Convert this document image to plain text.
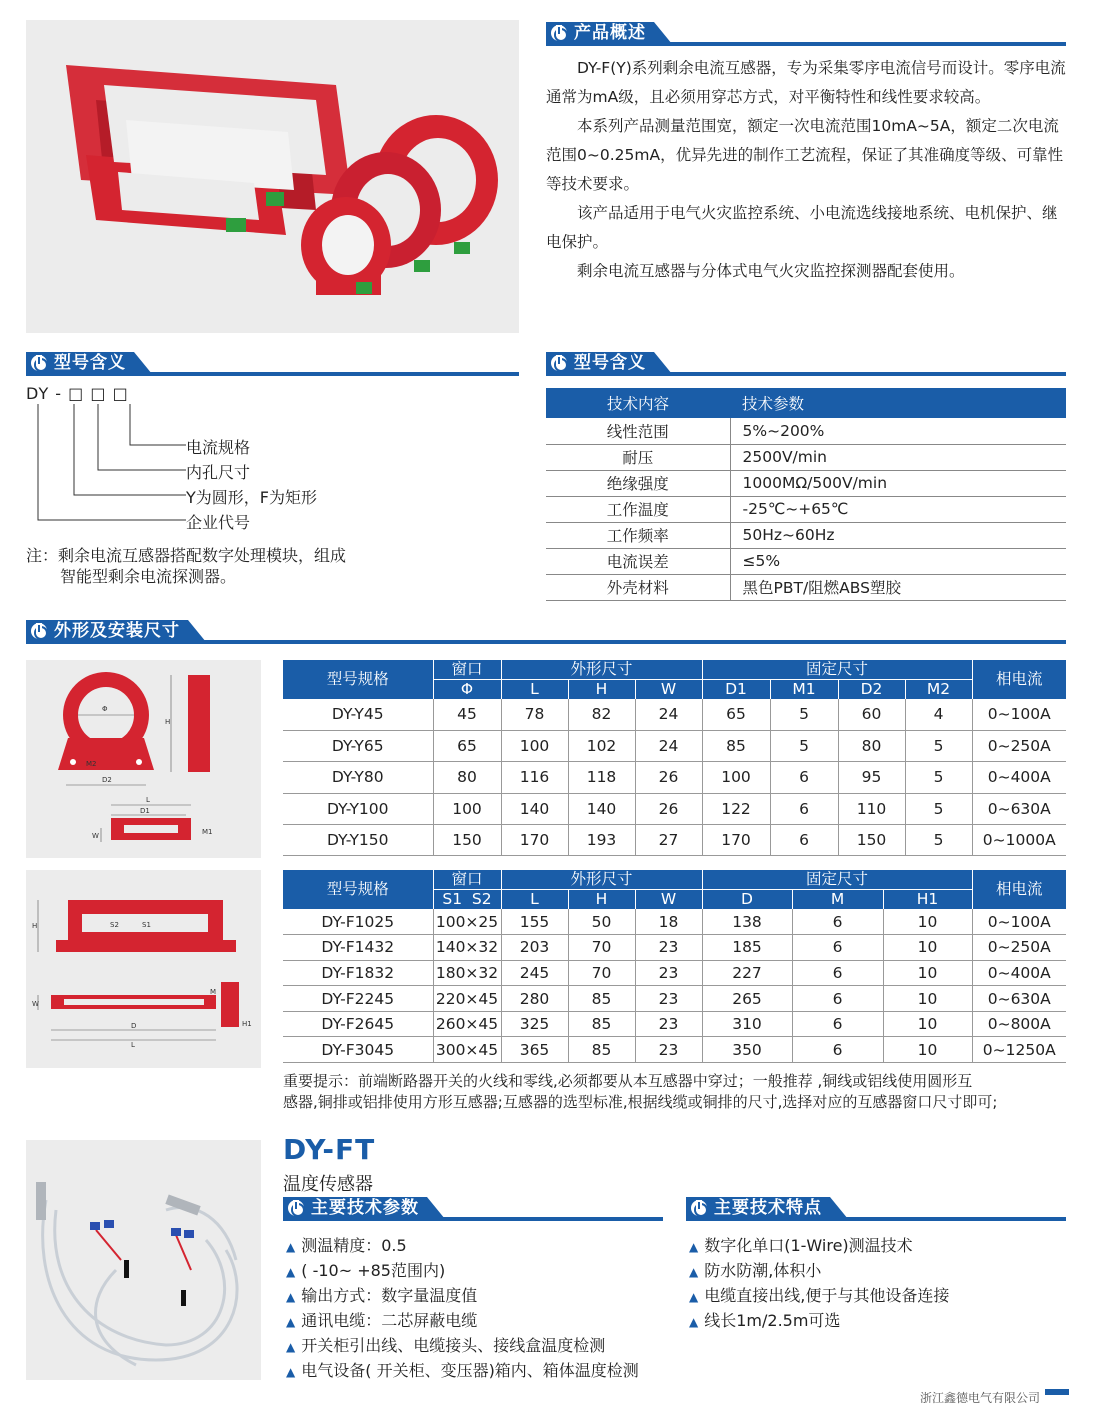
产品概述

DY-F(Y)系列剩余电流互感器，专为采集零序电流信号而设计。零序电流通常为mA级，且必须用穿芯方式，对平衡特性和线性要求较高。

本系列产品测量范围宽，额定一次电流范围10mA~5A，额定二次电流范围0~0.25mA，优异先进的制作工艺流程，保证了其准确度等级、可靠性等技术要求。

该产品适用于电气火灾监控系统、小电流选线接地系统、电机保护、继电保护。

剩余电流互感器与分体式电气火灾监控探测器配套使用。

型号含义
DY - □ □ □
电流规格
内孔尺寸
Y为圆形，F为矩形
企业代号
注：剩余电流互感器搭配数字处理模块，组成
智能型剩余电流探测器。
型号含义
技术内容	技术参数
线性范围	5%~200%
耐压	2500V/min
绝缘强度	1000MΩ/500V/min
工作温度	-25℃~+65℃
工作频率	50Hz~60Hz
电流误差	≤5%
外壳材料	黑色PBT/阻燃ABS塑胶
外形及安装尺寸
Φ
H
M2
D2
L
D1
W	M1
型号规格	窗口	外形尺寸			固定尺寸				相电流
	Φ	L	H	W	D1	M1	D2	M2	
DY-Y45	45	78	82	24	65	5	60	4	0~100A
DY-Y65	65	100	102	24	85	5	80	5	0~250A
DY-Y80	80	116	118	26	100	6	95	5	0~400A
DY-Y100	100	140	140	26	122	6	110	5	0~630A
DY-Y150	150	170	193	27	170	6	150	5	0~1000A
H	S2	S1
W
D
L
M
H1
型号规格	窗口	外形尺寸			固定尺寸			相电流
	S1  S2	L	H	W	D	M	H1	
DY-F1025	100×25	155	50	18	138	6	10	0~100A
DY-F1432	140×32	203	70	23	185	6	10	0~250A
DY-F1832	180×32	245	70	23	227	6	10	0~400A
DY-F2245	220×45	280	85	23	265	6	10	0~630A
DY-F2645	260×45	325	85	23	310	6	10	0~800A
DY-F3045	300×45	365	85	23	350	6	10	0~1250A
重要提示：前端断路器开关的火线和零线,必须都要从本互感器中穿过；一般推荐 ,铜线或铝线使用圆形互
感器,铜排或铝排使用方形互感器;互感器的选型标准,根据线缆或铜排的尺寸,选择对应的互感器窗口尺寸即可;
DY-FT
温度传感器
主要技术参数	主要技术特点
▲ 测温精度：0.5
▲ ( -10~ +85范围内)
▲ 输出方式：数字量温度值
▲ 通讯电缆：二芯屏蔽电缆
▲ 开关柜引出线、电缆接头、接线盒温度检测
▲ 电气设备( 开关柜、变压器)箱内、箱体温度检测
▲ 数字化单口(1-Wire)测温技术
▲ 防水防潮,体积小
▲ 电缆直接出线,便于与其他设备连接
▲ 线长1m/2.5m可选
浙江鑫德电气有限公司
